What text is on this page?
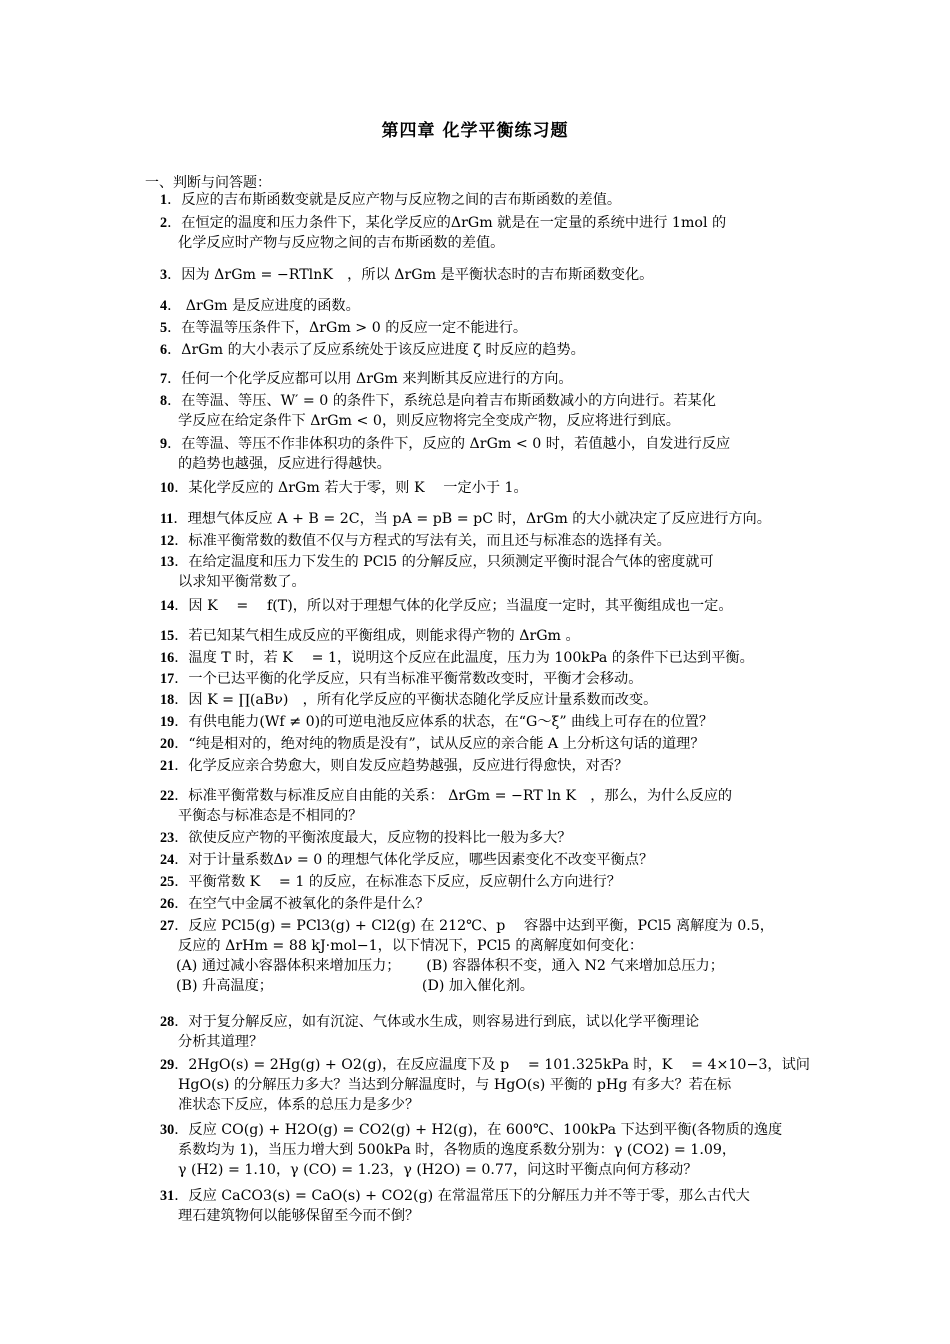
第四章 化学平衡练习题
一、判断与问答题：
1．反应的吉布斯函数变就是反应产物与反应物之间的吉布斯函数的差值。
2．在恒定的温度和压力条件下，某化学反应的ΔrGm 就是在一定量的系统中进行 1mol 的
化学反应时产物与反应物之间的吉布斯函数的差值。
3．因为 ΔrGm = −RTlnK　，所以 ΔrGm 是平衡状态时的吉布斯函数变化。
4． ΔrGm 是反应进度的函数。
5．在等温等压条件下，ΔrGm > 0 的反应一定不能进行。
6．ΔrGm 的大小表示了反应系统处于该反应进度 ζ 时反应的趋势。
7．任何一个化学反应都可以用 ΔrGm 来判断其反应进行的方向。
8．在等温、等压、W′ = 0 的条件下，系统总是向着吉布斯函数减小的方向进行。若某化
学反应在给定条件下 ΔrGm < 0，则反应物将完全变成产物，反应将进行到底。
9．在等温、等压不作非体积功的条件下，反应的 ΔrGm < 0 时，若值越小，自发进行反应
的趋势也越强，反应进行得越快。
10．某化学反应的 ΔrGm 若大于零，则 K　 一定小于 1。
11．理想气体反应 A + B = 2C，当 pA = pB = pC 时，ΔrGm 的大小就决定了反应进行方向。
12．标准平衡常数的数值不仅与方程式的写法有关，而且还与标准态的选择有关。
13．在给定温度和压力下发生的 PCl5 的分解反应，只须测定平衡时混合气体的密度就可
以求知平衡常数了。
14．因 K　 =　 f(T)，所以对于理想气体的化学反应；当温度一定时，其平衡组成也一定。
15．若已知某气相生成反应的平衡组成，则能求得产物的 ΔrGm 。
16．温度 T 时，若 K　 = 1，说明这个反应在此温度，压力为 100kPa 的条件下已达到平衡。
17．一个已达平衡的化学反应，只有当标准平衡常数改变时，平衡才会移动。
18．因 K = ∏(aBν)　，所有化学反应的平衡状态随化学反应计量系数而改变。
19．有供电能力(Wf ≠ 0)的可逆电池反应体系的状态，在“G～ξ” 曲线上可存在的位置？
20．“纯是相对的，绝对纯的物质是没有”，试从反应的亲合能 A 上分析这句话的道理？
21．化学反应亲合势愈大，则自发反应趋势越强，反应进行得愈快，对否？
22．标准平衡常数与标准反应自由能的关系： ΔrGm = −RT ln K　，那么，为什么反应的
平衡态与标准态是不相同的？
23．欲使反应产物的平衡浓度最大，反应物的投料比一般为多大？
24．对于计量系数Δν = 0 的理想气体化学反应，哪些因素变化不改变平衡点？
25．平衡常数 K　 = 1 的反应，在标准态下反应，反应朝什么方向进行？
26．在空气中金属不被氧化的条件是什么？
27．反应 PCl5(g) = PCl3(g) + Cl2(g) 在 212℃、p　 容器中达到平衡，PCl5 离解度为 0.5，
反应的 ΔrHm = 88 kJ·mol−1，以下情况下，PCl5 的离解度如何变化：
(A) 通过减小容器体积来增加压力；　　 (B) 容器体积不变，通入 N2 气来增加总压力；
(B) 升高温度；　　　　　　　　　　　(D) 加入催化剂。
28．对于复分解反应，如有沉淀、气体或水生成，则容易进行到底，试以化学平衡理论
分析其道理？
29．2HgO(s) = 2Hg(g) + O2(g)，在反应温度下及 p　 = 101.325kPa 时，K　 = 4×10−3，试问
HgO(s) 的分解压力多大？当达到分解温度时，与 HgO(s) 平衡的 pHg 有多大？若在标
准状态下反应，体系的总压力是多少？
30．反应 CO(g) + H2O(g) = CO2(g) + H2(g)，在 600℃、100kPa 下达到平衡(各物质的逸度
系数均为 1)，当压力增大到 500kPa 时，各物质的逸度系数分别为：γ (CO2) = 1.09，
γ (H2) = 1.10，γ (CO) = 1.23，γ (H2O) = 0.77，问这时平衡点向何方移动？
31．反应 CaCO3(s) = CaO(s) + CO2(g) 在常温常压下的分解压力并不等于零，那么古代大
理石建筑物何以能够保留至今而不倒？
